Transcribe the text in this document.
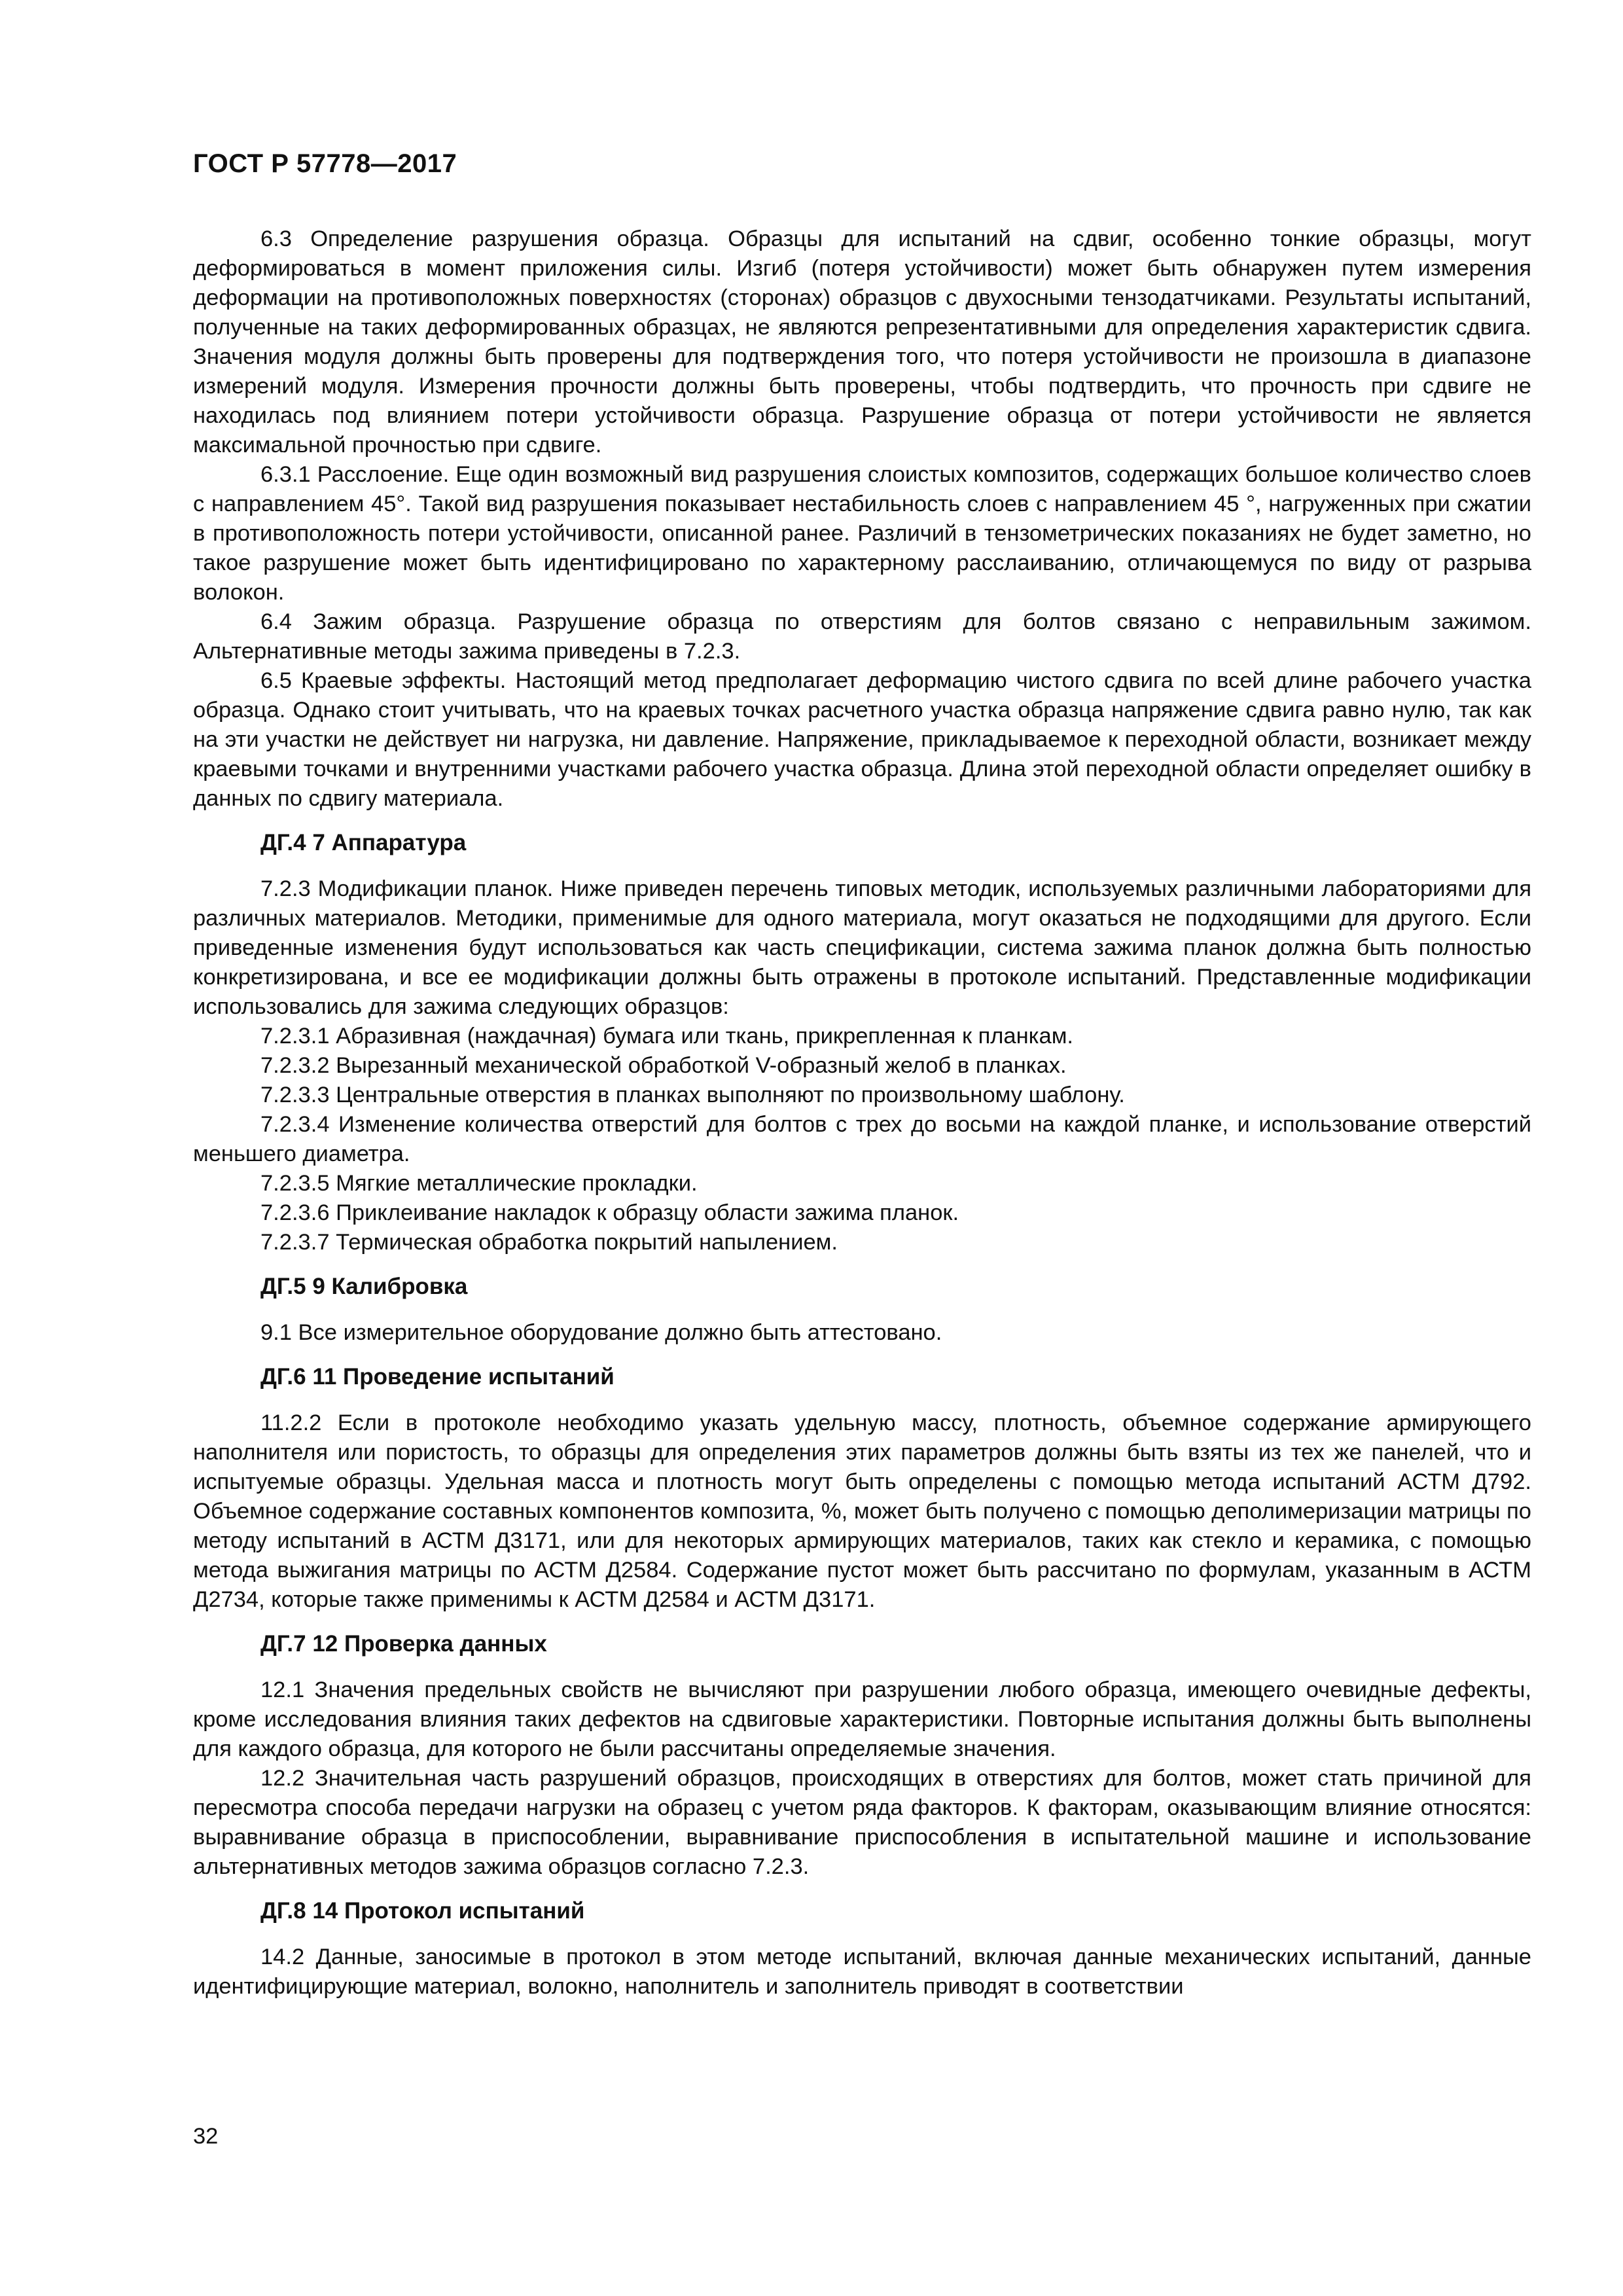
ГОСТ Р 57778—2017

6.3 Определение разрушения образца. Образцы для испытаний на сдвиг, особенно тонкие образцы, могут деформироваться в момент приложения силы. Изгиб (потеря устойчивости) может быть обнаружен путем измерения деформации на противоположных поверхностях (сторонах) образцов с двухосными тензодатчиками. Результаты испытаний, полученные на таких деформированных образцах, не являются репрезентативными для определения характеристик сдвига. Значения модуля должны быть проверены для подтверждения того, что потеря устойчивости не произошла в диапазоне измерений модуля. Измерения прочности должны быть проверены, чтобы подтвердить, что прочность при сдвиге не находилась под влиянием потери устойчивости образца. Разрушение образца от потери устойчивости не является максимальной прочностью при сдвиге.

6.3.1 Расслоение. Еще один возможный вид разрушения слоистых композитов, содержащих большое количество слоев с направлением 45°. Такой вид разрушения показывает нестабильность слоев с направлением 45 °, нагруженных при сжатии в противоположность потери устойчивости, описанной ранее. Различий в тензометрических показаниях не будет заметно, но такое разрушение может быть идентифицировано по характерному расслаиванию, отличающемуся по виду от разрыва волокон.

6.4 Зажим образца. Разрушение образца по отверстиям для болтов связано с неправильным зажимом. Альтернативные методы зажима приведены в 7.2.3.

6.5 Краевые эффекты. Настоящий метод предполагает деформацию чистого сдвига по всей длине рабочего участка образца. Однако стоит учитывать, что на краевых точках расчетного участка образца напряжение сдвига равно нулю, так как на эти участки не действует ни нагрузка, ни давление. Напряжение, прикладываемое к переходной области, возникает между краевыми точками и внутренними участками рабочего участка образца. Длина этой переходной области определяет ошибку в данных по сдвигу материала.

ДГ.4 7 Аппаратура

7.2.3 Модификации планок. Ниже приведен перечень типовых методик, используемых различными лабораториями для различных материалов. Методики, применимые для одного материала, могут оказаться не подходящими для другого. Если приведенные изменения будут использоваться как часть спецификации, система зажима планок должна быть полностью конкретизирована, и все ее модификации должны быть отражены в протоколе испытаний. Представленные модификации использовались для зажима следующих образцов:

7.2.3.1 Абразивная (наждачная) бумага или ткань, прикрепленная к планкам.

7.2.3.2 Вырезанный механической обработкой V-образный желоб в планках.

7.2.3.3 Центральные отверстия в планках выполняют по произвольному шаблону.

7.2.3.4 Изменение количества отверстий для болтов с трех до восьми на каждой планке, и использование отверстий меньшего диаметра.

7.2.3.5 Мягкие металлические прокладки.

7.2.3.6 Приклеивание накладок к образцу области зажима планок.

7.2.3.7 Термическая обработка покрытий напылением.

ДГ.5 9 Калибровка

9.1 Все измерительное оборудование должно быть аттестовано.

ДГ.6 11 Проведение испытаний

11.2.2 Если в протоколе необходимо указать удельную массу, плотность, объемное содержание армирующего наполнителя или пористость, то образцы для определения этих параметров должны быть взяты из тех же панелей, что и испытуемые образцы. Удельная масса и плотность могут быть определены с помощью метода испытаний АСТМ Д792. Объемное содержание составных компонентов композита, %, может быть получено с помощью деполимеризации матрицы по методу испытаний в АСТМ Д3171, или для некоторых армирующих материалов, таких как стекло и керамика, с помощью метода выжигания матрицы по АСТМ Д2584. Содержание пустот может быть рассчитано по формулам, указанным в АСТМ Д2734, которые также применимы к АСТМ Д2584 и АСТМ Д3171.

ДГ.7 12 Проверка данных

12.1 Значения предельных свойств не вычисляют при разрушении любого образца, имеющего очевидные дефекты, кроме исследования влияния таких дефектов на сдвиговые характеристики. Повторные испытания должны быть выполнены для каждого образца, для которого не были рассчитаны определяемые значения.

12.2 Значительная часть разрушений образцов, происходящих в отверстиях для болтов, может стать причиной для пересмотра способа передачи нагрузки на образец с учетом ряда факторов. К факторам, оказывающим влияние относятся: выравнивание образца в приспособлении, выравнивание приспособления в испытательной машине и использование альтернативных методов зажима образцов согласно 7.2.3.

ДГ.8 14 Протокол испытаний

14.2 Данные, заносимые в протокол в этом методе испытаний, включая данные механических испытаний, данные идентифицирующие материал, волокно, наполнитель и заполнитель приводят в соответствии

32
